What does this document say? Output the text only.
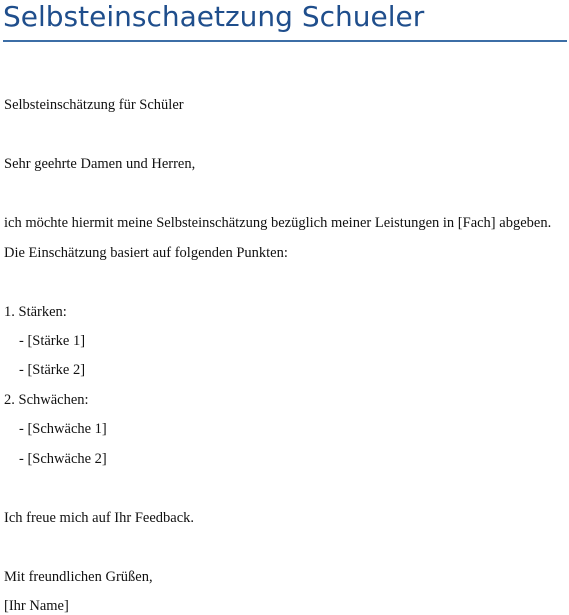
Selbsteinschaetzung Schueler
Selbsteinschätzung für Schüler
Sehr geehrte Damen und Herren,
ich möchte hiermit meine Selbsteinschätzung bezüglich meiner Leistungen in [Fach] abgeben.
Die Einschätzung basiert auf folgenden Punkten:
1. Stärken:
- [Stärke 1]
- [Stärke 2]
2. Schwächen:
- [Schwäche 1]
- [Schwäche 2]
Ich freue mich auf Ihr Feedback.
Mit freundlichen Grüßen,
[Ihr Name]
